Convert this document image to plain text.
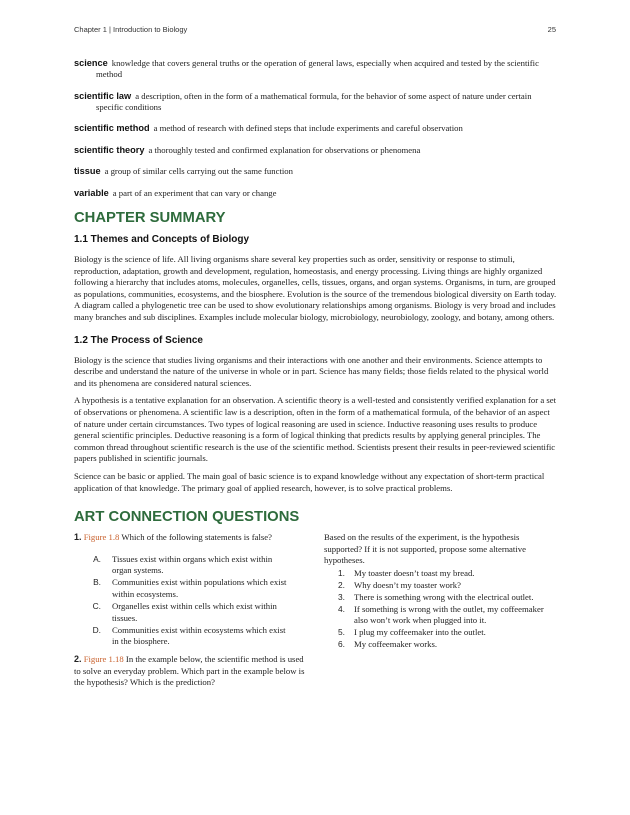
Chapter 1 | Introduction to Biology	25

science knowledge that covers general truths or the operation of general laws, especially when acquired and tested by the scientific method

scientific law a description, often in the form of a mathematical formula, for the behavior of some aspect of nature under certain specific conditions

scientific method a method of research with defined steps that include experiments and careful observation

scientific theory a thoroughly tested and confirmed explanation for observations or phenomena

tissue a group of similar cells carrying out the same function

variable a part of an experiment that can vary or change

CHAPTER SUMMARY
1.1 Themes and Concepts of Biology

Biology is the science of life. All living organisms share several key properties such as order, sensitivity or response to stimuli, reproduction, adaptation, growth and development, regulation, homeostasis, and energy processing. Living things are highly organized following a hierarchy that includes atoms, molecules, organelles, cells, tissues, organs, and organ systems. Organisms, in turn, are grouped as populations, communities, ecosystems, and the biosphere. Evolution is the source of the tremendous biological diversity on Earth today. A diagram called a phylogenetic tree can be used to show evolutionary relationships among organisms. Biology is very broad and includes many branches and sub disciplines. Examples include molecular biology, microbiology, neurobiology, zoology, and botany, among others.

1.2 The Process of Science

Biology is the science that studies living organisms and their interactions with one another and their environments. Science attempts to describe and understand the nature of the universe in whole or in part. Science has many fields; those fields related to the physical world and its phenomena are considered natural sciences.

A hypothesis is a tentative explanation for an observation. A scientific theory is a well-tested and consistently verified explanation for a set of observations or phenomena. A scientific law is a description, often in the form of a mathematical formula, of the behavior of an aspect of nature under certain circumstances. Two types of logical reasoning are used in science. Inductive reasoning uses results to produce general scientific principles. Deductive reasoning is a form of logical thinking that predicts results by applying general principles. The common thread throughout scientific research is the use of the scientific method. Scientists present their results in peer-reviewed scientific papers published in scientific journals.

Science can be basic or applied. The main goal of basic science is to expand knowledge without any expectation of short-term practical application of that knowledge. The primary goal of applied research, however, is to solve practical problems.

ART CONNECTION QUESTIONS

1. Figure 1.8 Which of the following statements is false?

A.	Tissues exist within organs which exist within organ systems.
B.	Communities exist within populations which exist within ecosystems.
C.	Organelles exist within cells which exist within tissues.
D.	Communities exist within ecosystems which exist in the biosphere.

2. Figure 1.18 In the example below, the scientific method is used to solve an everyday problem. Which part in the example below is the hypothesis? Which is the prediction?

Based on the results of the experiment, is the hypothesis supported? If it is not supported, propose some alternative hypotheses.

1.	My toaster doesn’t toast my bread.
2.	Why doesn’t my toaster work?
3.	There is something wrong with the electrical outlet.
4.	If something is wrong with the outlet, my coffeemaker also won’t work when plugged into it.
5.	I plug my coffeemaker into the outlet.
6.	My coffeemaker works.
